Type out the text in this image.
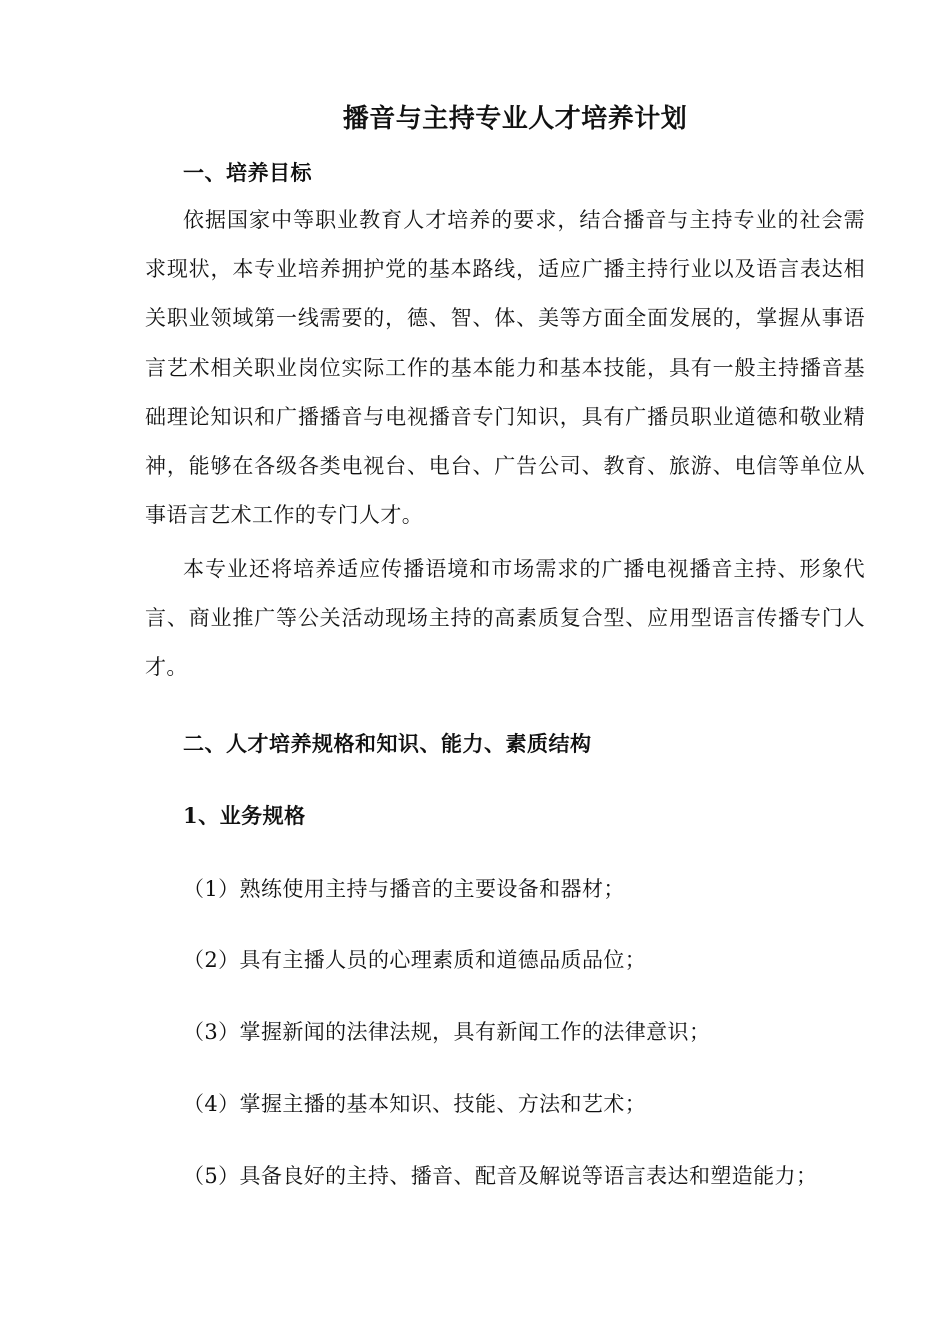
播音与主持专业人才培养计划
一、培养目标
依据国家中等职业教育人才培养的要求，结合播音与主持专业的社会需求现状，本专业培养拥护党的基本路线，适应广播主持行业以及语言表达相关职业领域第一线需要的，德、智、体、美等方面全面发展的，掌握从事语言艺术相关职业岗位实际工作的基本能力和基本技能，具有一般主持播音基础理论知识和广播播音与电视播音专门知识，具有广播员职业道德和敬业精神，能够在各级各类电视台、电台、广告公司、教育、旅游、电信等单位从事语言艺术工作的专门人才。
本专业还将培养适应传播语境和市场需求的广播电视播音主持、形象代言、商业推广等公关活动现场主持的高素质复合型、应用型语言传播专门人才。
二、人才培养规格和知识、能力、素质结构
1、业务规格
（1）熟练使用主持与播音的主要设备和器材；
（2）具有主播人员的心理素质和道德品质品位；
（3）掌握新闻的法律法规，具有新闻工作的法律意识；
（4）掌握主播的基本知识、技能、方法和艺术；
（5）具备良好的主持、播音、配音及解说等语言表达和塑造能力；
